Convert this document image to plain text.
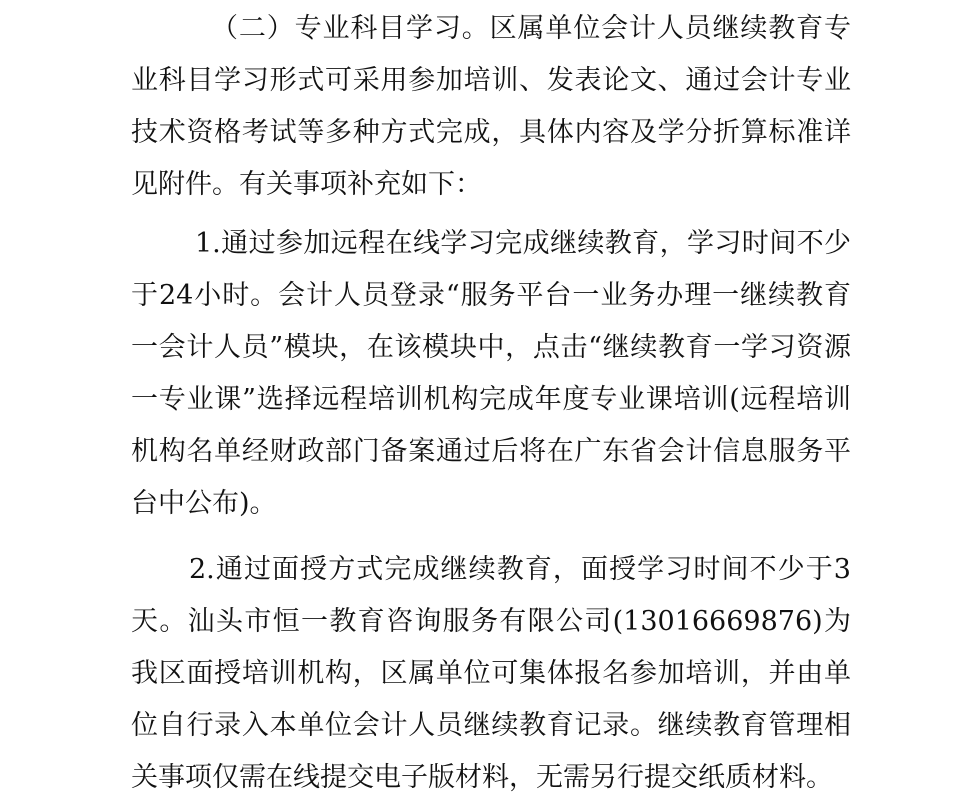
（二）专业科目学习。区属单位会计人员继续教育专业科目学习形式可采用参加培训、发表论文、通过会计专业技术资格考试等多种方式完成，具体内容及学分折算标准详见附件。有关事项补充如下：

1.通过参加远程在线学习完成继续教育，学习时间不少于24小时。会计人员登录“服务平台一业务办理一继续教育一会计人员”模块，在该模块中，点击“继续教育一学习资源一专业课”选择远程培训机构完成年度专业课培训(远程培训机构名单经财政部门备案通过后将在广东省会计信息服务平台中公布)。

2.通过面授方式完成继续教育，面授学习时间不少于3天。汕头市恒一教育咨询服务有限公司(13016669876)为我区面授培训机构，区属单位可集体报名参加培训，并由单位自行录入本单位会计人员继续教育记录。继续教育管理相关事项仅需在线提交电子版材料，无需另行提交纸质材料。
